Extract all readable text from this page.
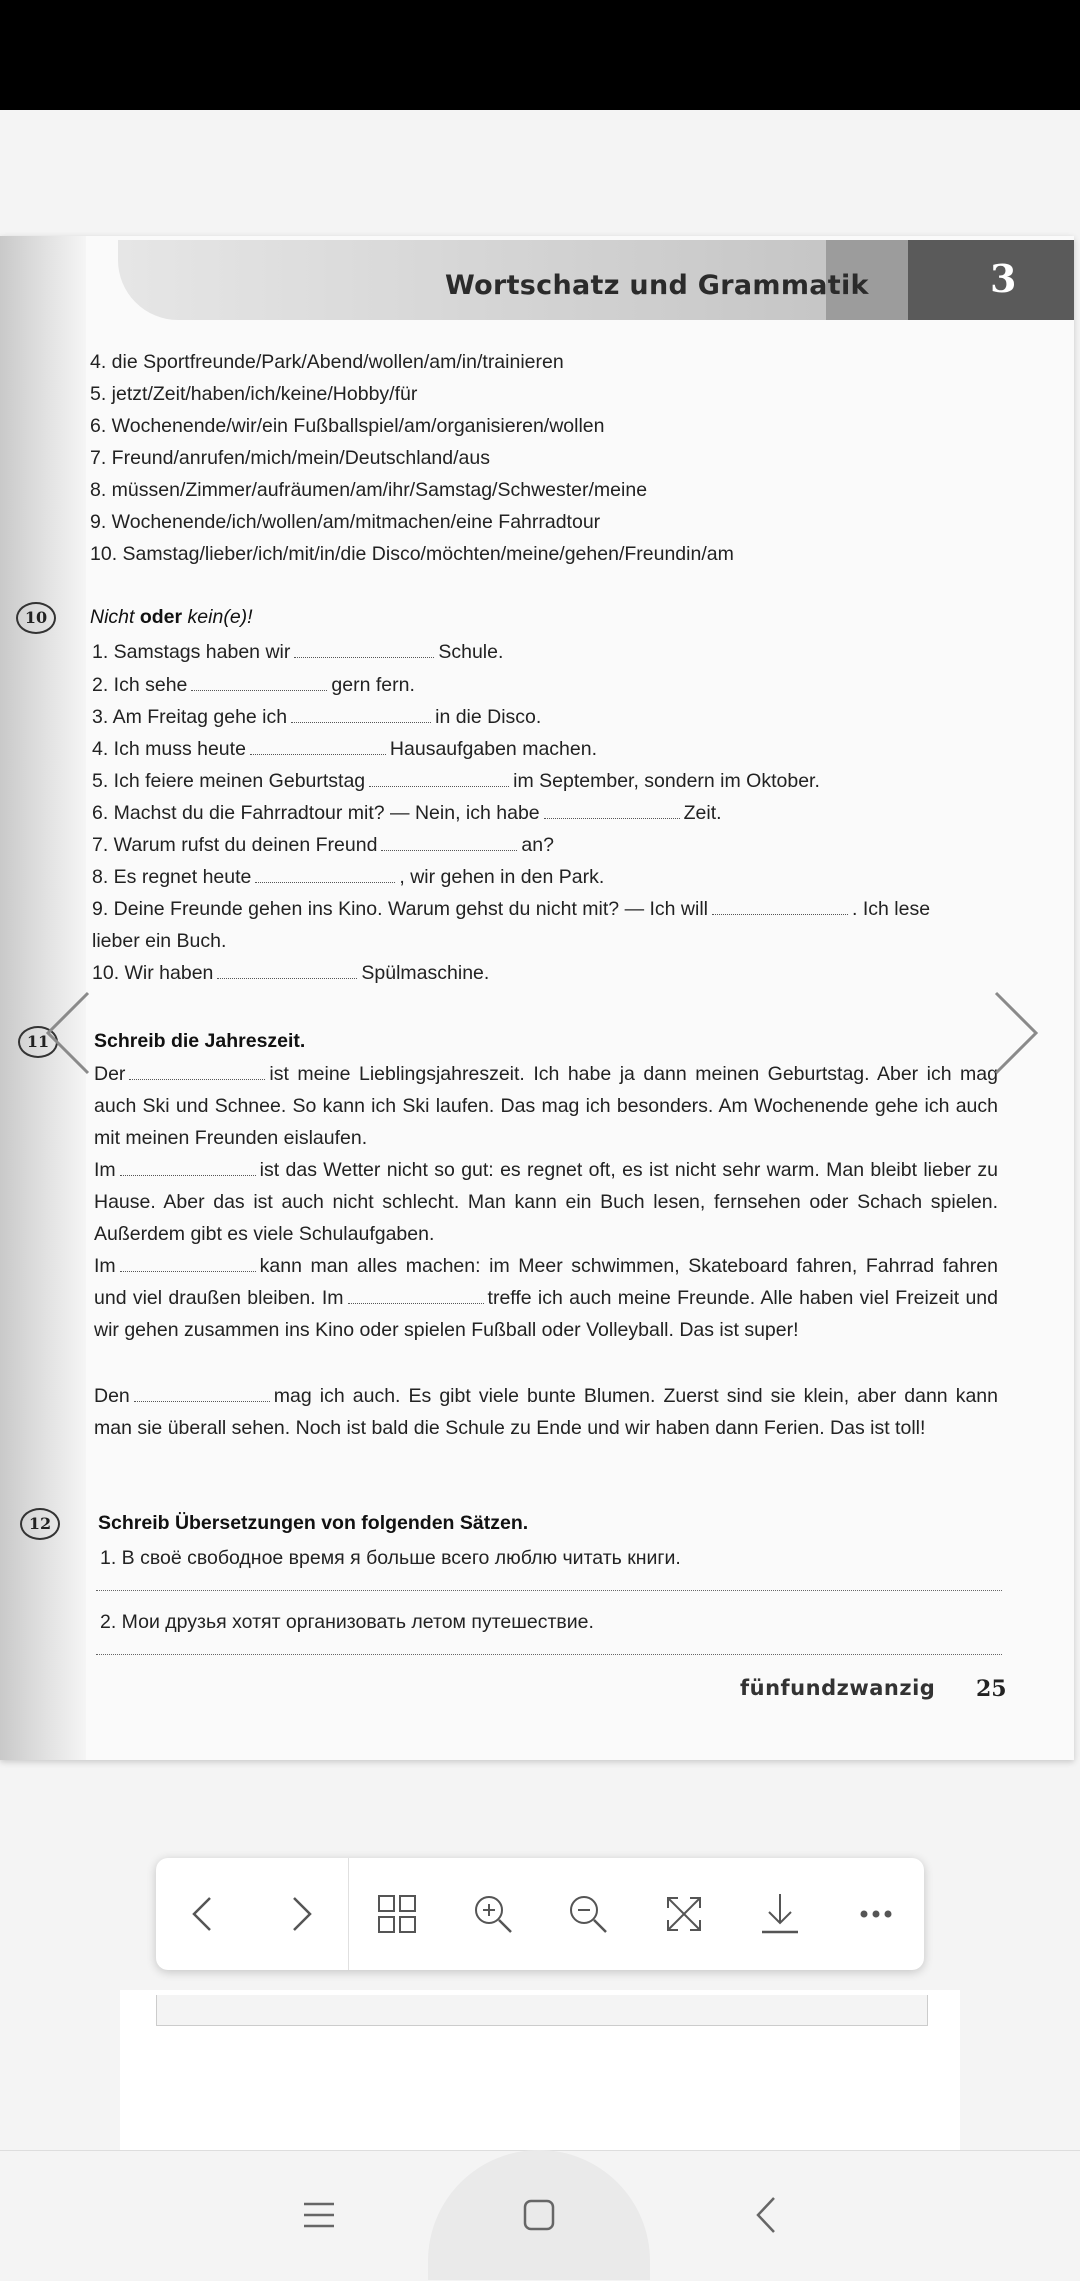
Wortschatz und Grammatik	3
4. die Sportfreunde/Park/Abend/wollen/am/in/trainieren
5. jetzt/Zeit/haben/ich/keine/Hobby/für
6. Wochenende/wir/ein Fußballspiel/am/organisieren/wollen
7. Freund/anrufen/mich/mein/Deutschland/aus
8. müssen/Zimmer/aufräumen/am/ihr/Samstag/Schwester/meine
9. Wochenende/ich/wollen/am/mitmachen/eine Fahrradtour
10. Samstag/lieber/ich/mit/in/die Disco/möchten/meine/gehen/Freundin/am
10	Nicht oder kein(e)!
1. Samstags haben wir	Schule.
2. Ich sehe	gern fern.
3. Am Freitag gehe ich	in die Disco.
4. Ich muss heute	Hausaufgaben machen.
5. Ich feiere meinen Geburtstag	im September, sondern im Oktober.
6. Machst du die Fahrradtour mit? — Nein, ich habe	Zeit.
7. Warum rufst du deinen Freund	an?
8. Es regnet heute	, wir gehen in den Park.
9. Deine Freunde gehen ins Kino. Warum gehst du nicht mit? — Ich will	. Ich lese
lieber ein Buch.
10. Wir haben	Spülmaschine.
11	Schreib die Jahreszeit.
Der	ist meine Lieblingsjahreszeit. Ich habe ja dann meinen Geburtstag. Aber ich mag auch Ski und Schnee. So kann ich Ski laufen. Das mag ich besonders. Am Wochenende gehe ich auch mit meinen Freunden eislaufen.
Im	ist das Wetter nicht so gut: es regnet oft, es ist nicht sehr warm. Man bleibt lieber zu Hause. Aber das ist auch nicht schlecht. Man kann ein Buch lesen, fernsehen oder Schach spielen. Außerdem gibt es viele Schulaufgaben.
Im	kann man alles machen: im Meer schwimmen, Skateboard fahren, Fahrrad fahren und viel draußen bleiben. Im	treffe ich auch meine Freunde. Alle haben viel Freizeit und wir gehen zusammen ins Kino oder spielen Fußball oder Volleyball. Das ist super!
Den	mag ich auch. Es gibt viele bunte Blumen. Zuerst sind sie klein, aber dann kann man sie überall sehen. Noch ist bald die Schule zu Ende und wir haben dann Ferien. Das ist toll!
12	Schreib Übersetzungen von folgenden Sätzen.
1. В своё свободное время я больше всего люблю читать книги.
2. Мои друзья хотят организовать летом путешествие.
fünfundzwanzig 25
